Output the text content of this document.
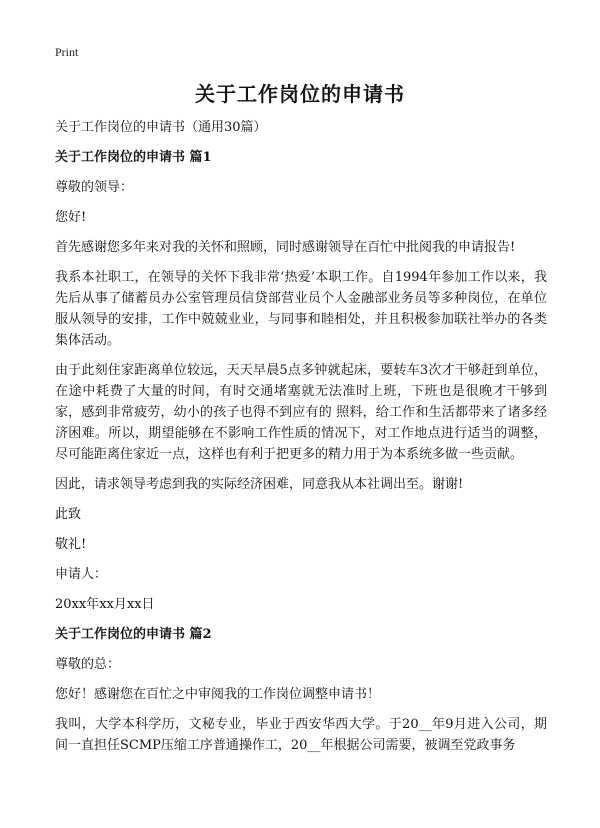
Print
关于工作岗位的申请书

关于工作岗位的申请书（通用30篇）

关于工作岗位的申请书 篇1

尊敬的领导：

您好!

首先感谢您多年来对我的关怀和照顾，同时感谢领导在百忙中批阅我的申请报告!

我系本社职工，在领导的关怀下我非常‘热爱’本职工作。自1994年参加工作以来，我先后从事了储蓄员办公室管理员信贷部营业员个人金融部业务员等多种岗位，在单位服从领导的安排，工作中兢兢业业，与同事和睦相处，并且积极参加联社举办的各类集体活动。

由于此刻住家距离单位较远，天天早晨5点多钟就起床，要转车3次才干够赶到单位，在途中耗费了大量的时间，有时交通堵塞就无法准时上班，下班也是很晚才干够到家，感到非常疲劳，幼小的孩子也得不到应有的 照料，给工作和生活都带来了诸多经济困难。所以，期望能够在不影响工作性质的情况下，对工作地点进行适当的调整，尽可能距离住家近一点，这样也有利于把更多的精力用于为本系统多做一些贡献。

因此，请求领导考虑到我的实际经济困难，同意我从本社调出至。谢谢!

此致

敬礼!

申请人：

20xx年xx月xx日

关于工作岗位的申请书 篇2

尊敬的总：

您好！感谢您在百忙之中审阅我的工作岗位调整申请书！

我叫，大学本科学历，文秘专业，毕业于西安华西大学。于20__年9月进入公司，期间一直担任SCMP压缩工序普通操作工，20__年根据公司需要，被调至党政事务
